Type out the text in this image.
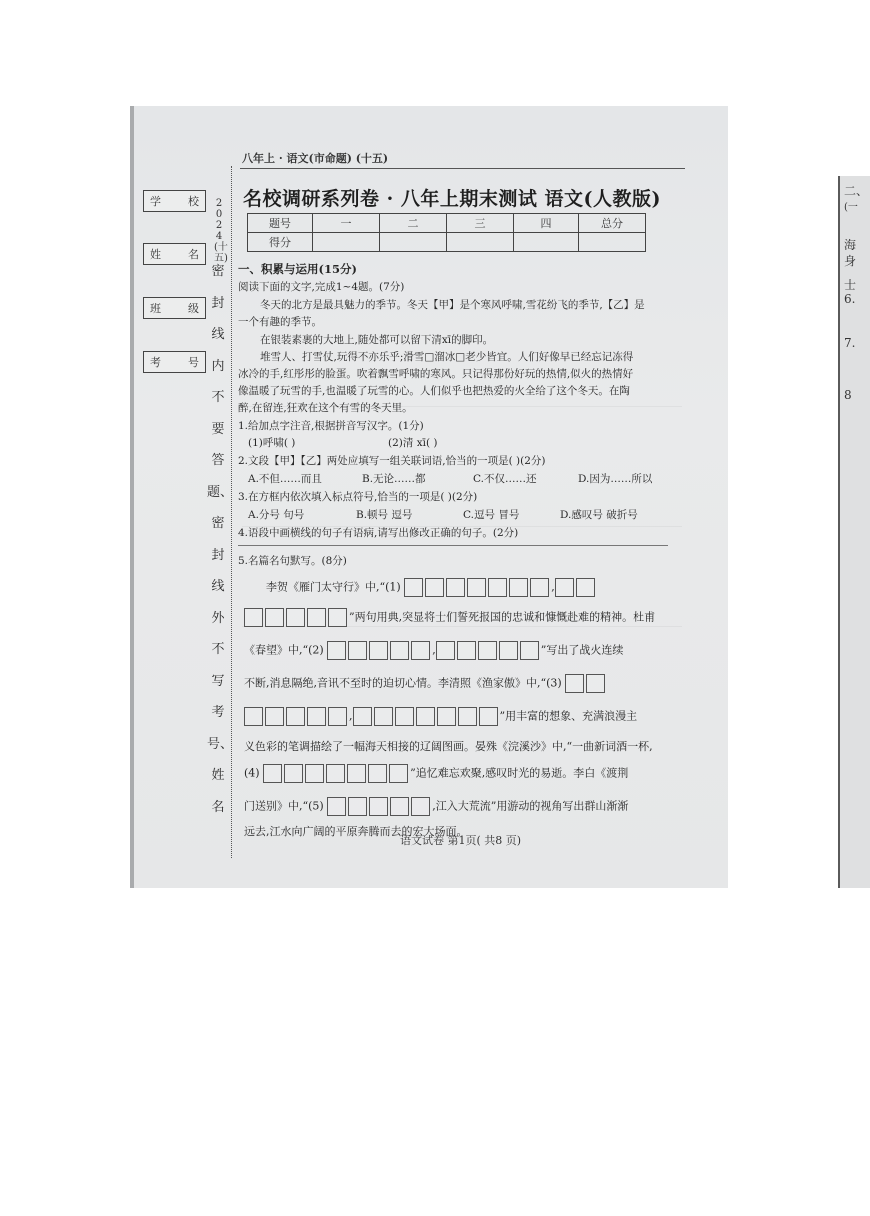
二、
(一
海
身
士
6.
7.
8
八年上 · 语文(市命题) (十五)
学 校
姓 名
班 级
考 号
2024(十五)
密封线内不要答题、密封线外不写考号、姓名
名校调研系列卷 · 八年上期末测试 语文(人教版)
题号	一	二	三	四	总分
得分					
一、积累与运用(15分)
阅读下面的文字,完成1~4题。(7分)
冬天的北方是最具魅力的季节。冬天【甲】是个寒风呼啸,雪花纷飞的季节,【乙】是
一个有趣的季节。
在银装素裹的大地上,随处都可以留下清xī的脚印。
堆雪人、打雪仗,玩得不亦乐乎;滑雪□溜冰□老少皆宜。人们好像早已经忘记冻得
冰冷的手,红彤彤的脸蛋。吹着飘雪呼啸的寒风。只记得那份好玩的热情,似火的热情好
像温暖了玩雪的手,也温暖了玩雪的心。人们似乎也把热爱的火全给了这个冬天。在陶
醉,在留连,狂欢在这个有雪的冬天里。
1.给加点字注音,根据拼音写汉字。(1分)
(1)呼啸( )	(2)清 xī( )
2.文段【甲】【乙】两处应填写一组关联词语,恰当的一项是( )(2分)
A.不但……而且	B.无论……都	C.不仅……还	D.因为……所以
3.在方框内依次填入标点符号,恰当的一项是( )(2分)
A.分号 句号	B.顿号 逗号	C.逗号 冒号	D.感叹号 破折号
4.语段中画横线的句子有语病,请写出修改正确的句子。(2分)
5.名篇名句默写。(8分)
李贺《雁门太守行》中,“(1)	,
”两句用典,突显将士们誓死报国的忠诚和慷慨赴难的精神。杜甫
《春望》中,“(2)	,	”写出了战火连续
不断,消息隔绝,音讯不至时的迫切心情。李清照《渔家傲》中,“(3)
,	”用丰富的想象、充满浪漫主
义色彩的笔调描绘了一幅海天相接的辽阔图画。晏殊《浣溪沙》中,“一曲新词酒一杯,
(4)	”追忆难忘欢聚,感叹时光的易逝。李白《渡荆
门送别》中,“(5)	,江入大荒流”用游动的视角写出群山渐渐
远去,江水向广阔的平原奔腾而去的宏大场面。
语文试卷 第1页( 共8 页)
